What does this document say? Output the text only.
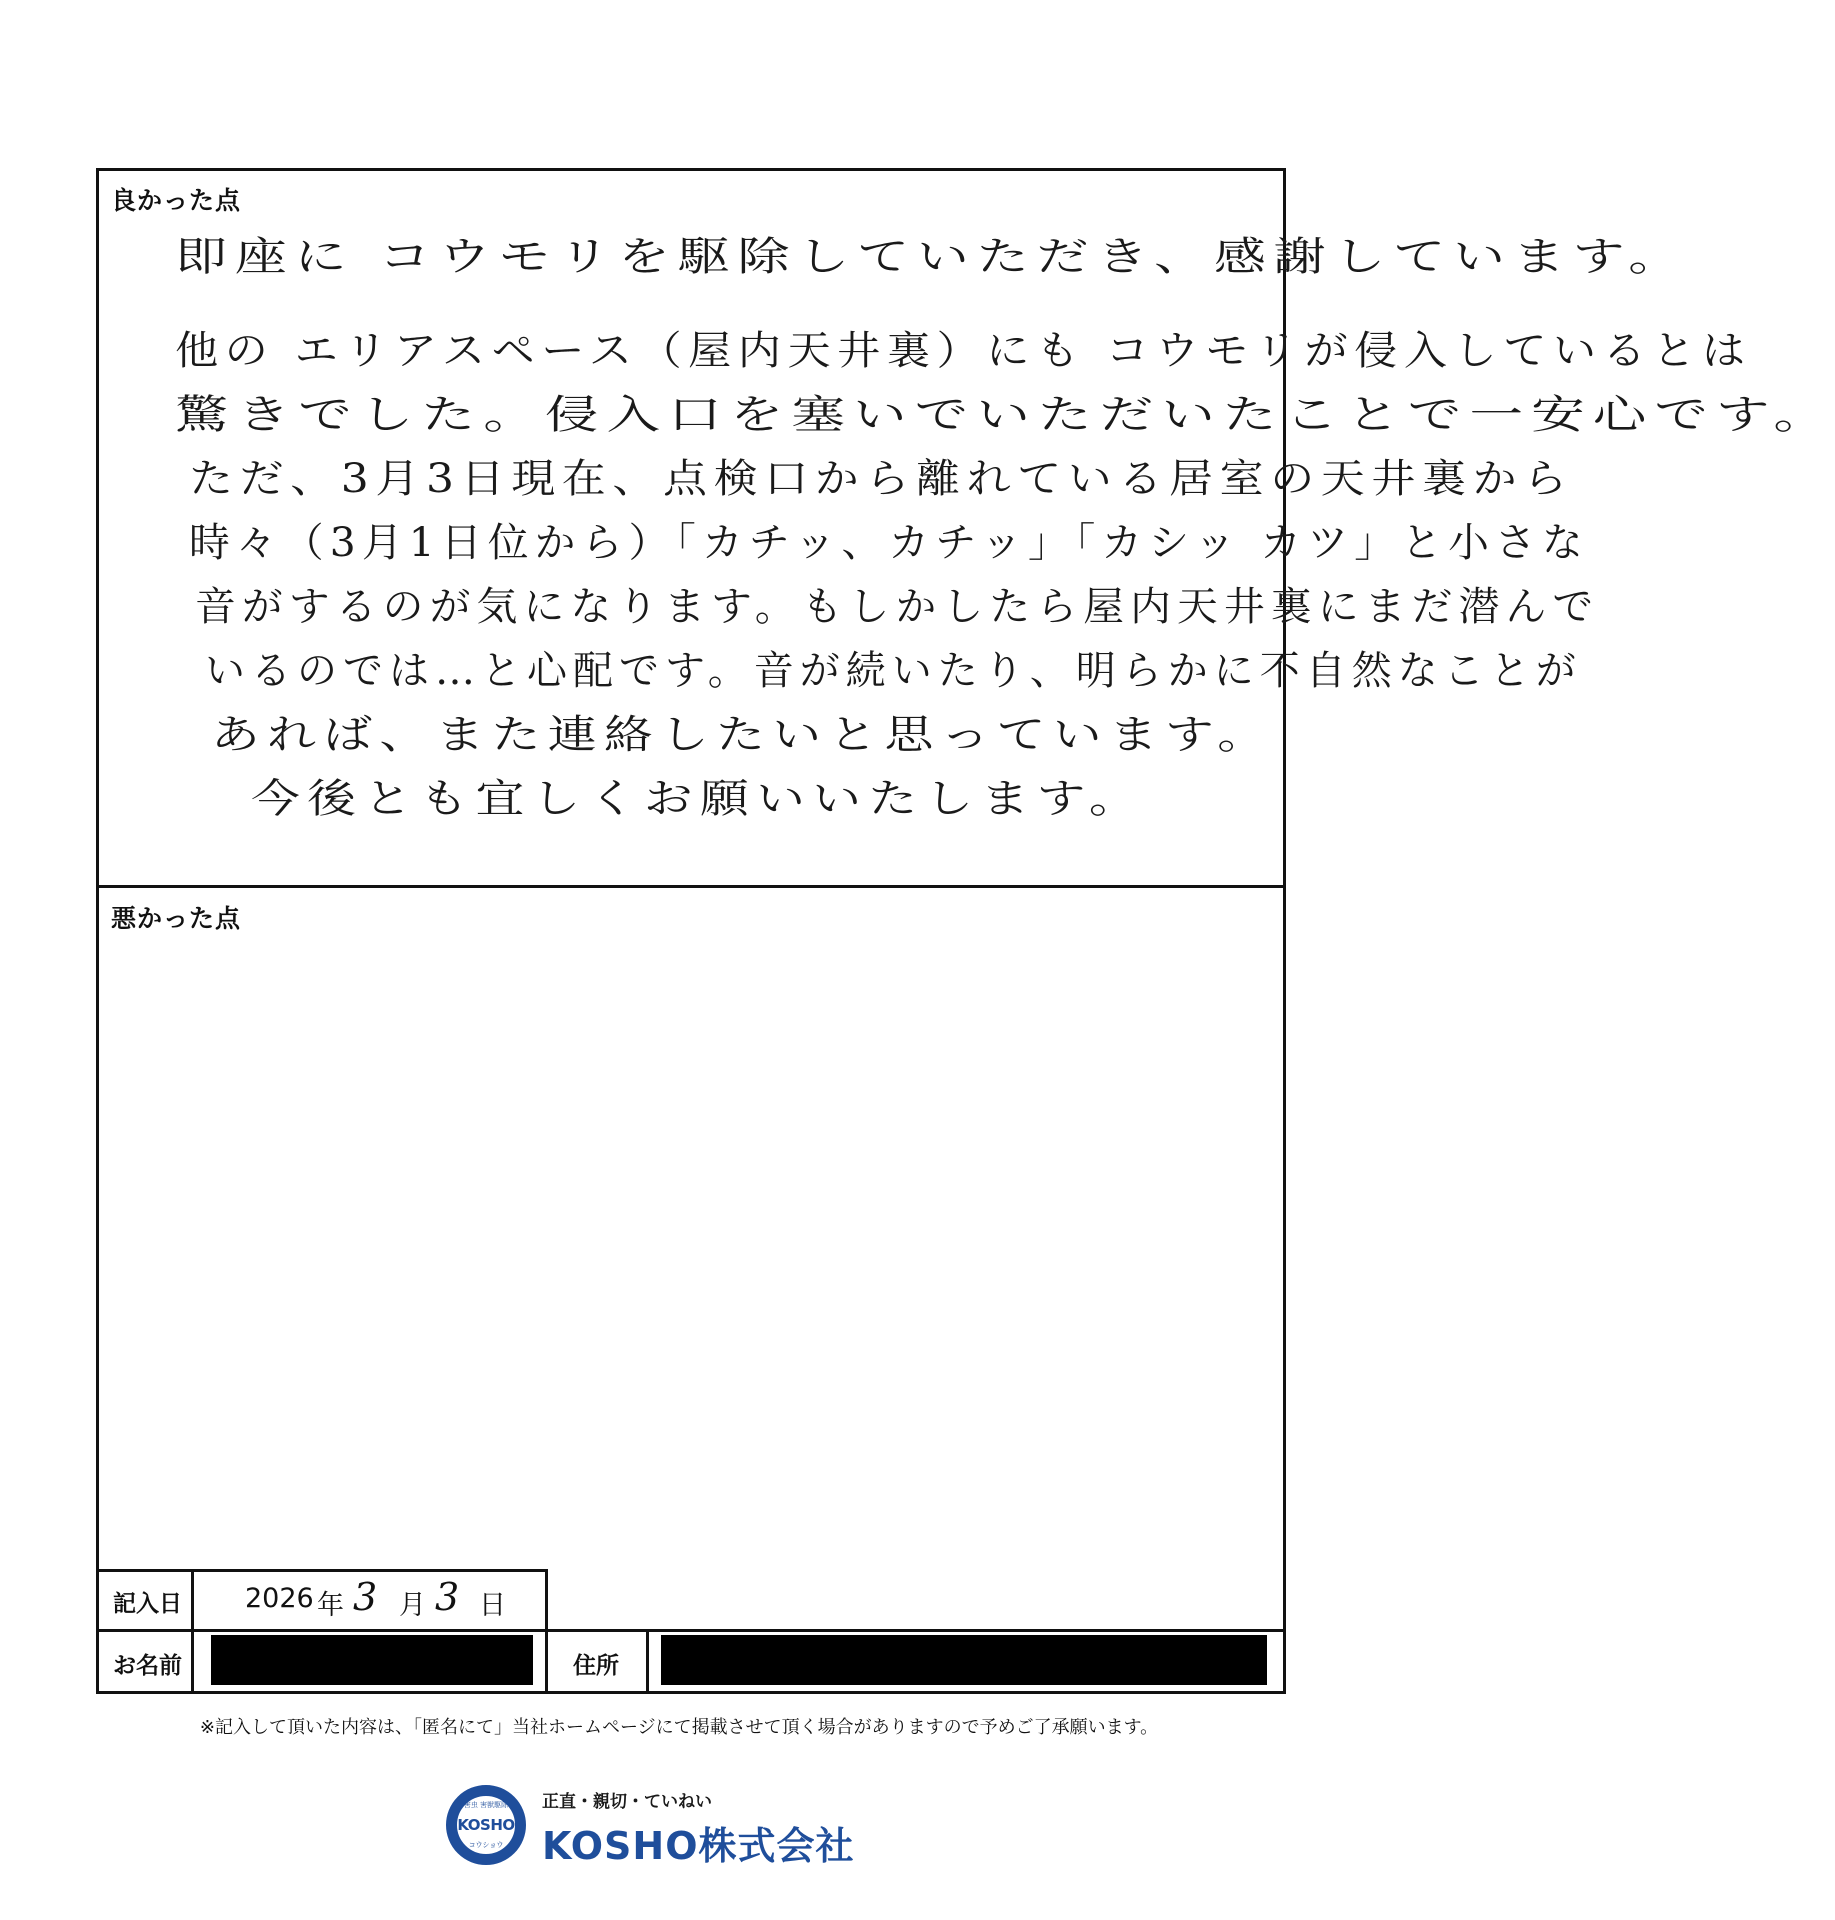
良かった点
即座に コウモリを駆除していただき、感謝しています。
他の エリアスペース（屋内天井裏）にも コウモリが侵入しているとは
驚きでした。侵入口を塞いでいただいたことで一安心です。
ただ、3月3日現在、点検口から離れている居室の天井裏から
時々（3月1日位から）「カチッ、カチッ」「カシッ カツ」と小さな
音がするのが気になります。もしかしたら屋内天井裏にまだ潜んで
いるのでは…と心配です。音が続いたり、明らかに不自然なことが
あれば、また連絡したいと思っています。
今後とも宜しくお願いいたします。
悪かった点
記入日 2026 年 3 月 3 日
お名前	住所
※記入して頂いた内容は、「匿名にて」当社ホームページにて掲載させて頂く場合がありますので予めご了承願います。
害虫 害獣駆除
KOSHO
コウショウ
正直・親切・ていねい
KOSHO株式会社
